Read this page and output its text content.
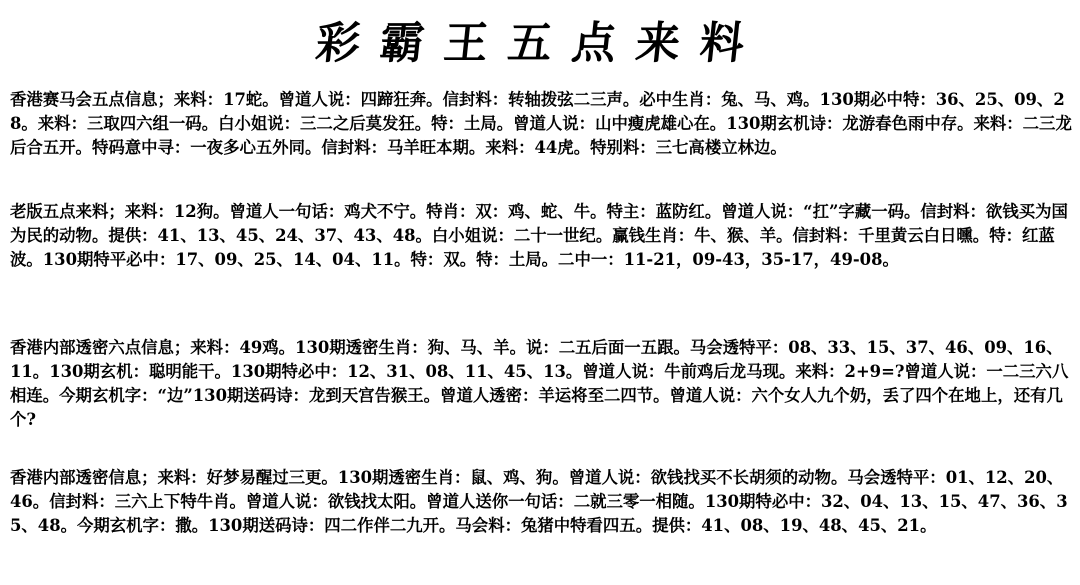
彩霸王五点来料
香港赛马会五点信息；来料：17蛇。曾道人说：四蹄狂奔。信封料：转轴拨弦二三声。必中生肖：兔、马、鸡。130期必中特：36、25、09、28。来料：三取四六组一码。白小姐说：三二之后莫发狂。特：土局。曾道人说：山中瘦虎雄心在。130期玄机诗：龙游春色雨中存。来料：二三龙后合五开。特码意中寻：一夜多心五外同。信封料：马羊旺本期。来料：44虎。特别料：三七高楼立林边。
老版五点来料；来料：12狗。曾道人一句话：鸡犬不宁。特肖：双：鸡、蛇、牛。特主：蓝防红。曾道人说：“扛”字藏一码。信封料：欲钱买为国为民的动物。提供：41、13、45、24、37、43、48。白小姐说：二十一世纪。赢钱生肖：牛、猴、羊。信封料：千里黄云白日曛。特：红蓝波。130期特平必中：17、09、25、14、04、11。特：双。特：土局。二中一：11-21，09-43，35-17，49-08。
香港内部透密六点信息；来料：49鸡。130期透密生肖：狗、马、羊。说：二五后面一五跟。马会透特平：08、33、15、37、46、09、16、11。130期玄机：聪明能干。130期特必中：12、31、08、11、45、13。曾道人说：牛前鸡后龙马现。来料：2+9=?曾道人说：一二三六八相连。今期玄机字：“边”130期送码诗：龙到天宫告猴王。曾道人透密：羊运将至二四节。曾道人说：六个女人九个奶，丢了四个在地上，还有几个?
香港内部透密信息；来料：好梦易醒过三更。130期透密生肖：鼠、鸡、狗。曾道人说：欲钱找买不长胡须的动物。马会透特平：01、12、20、46。信封料：三六上下特牛肖。曾道人说：欲钱找太阳。曾道人送你一句话：二就三零一相随。130期特必中：32、04、13、15、47、36、35、48。今期玄机字：撒。130期送码诗：四二作伴二九开。马会料：兔猪中特看四五。提供：41、08、19、48、45、21。
